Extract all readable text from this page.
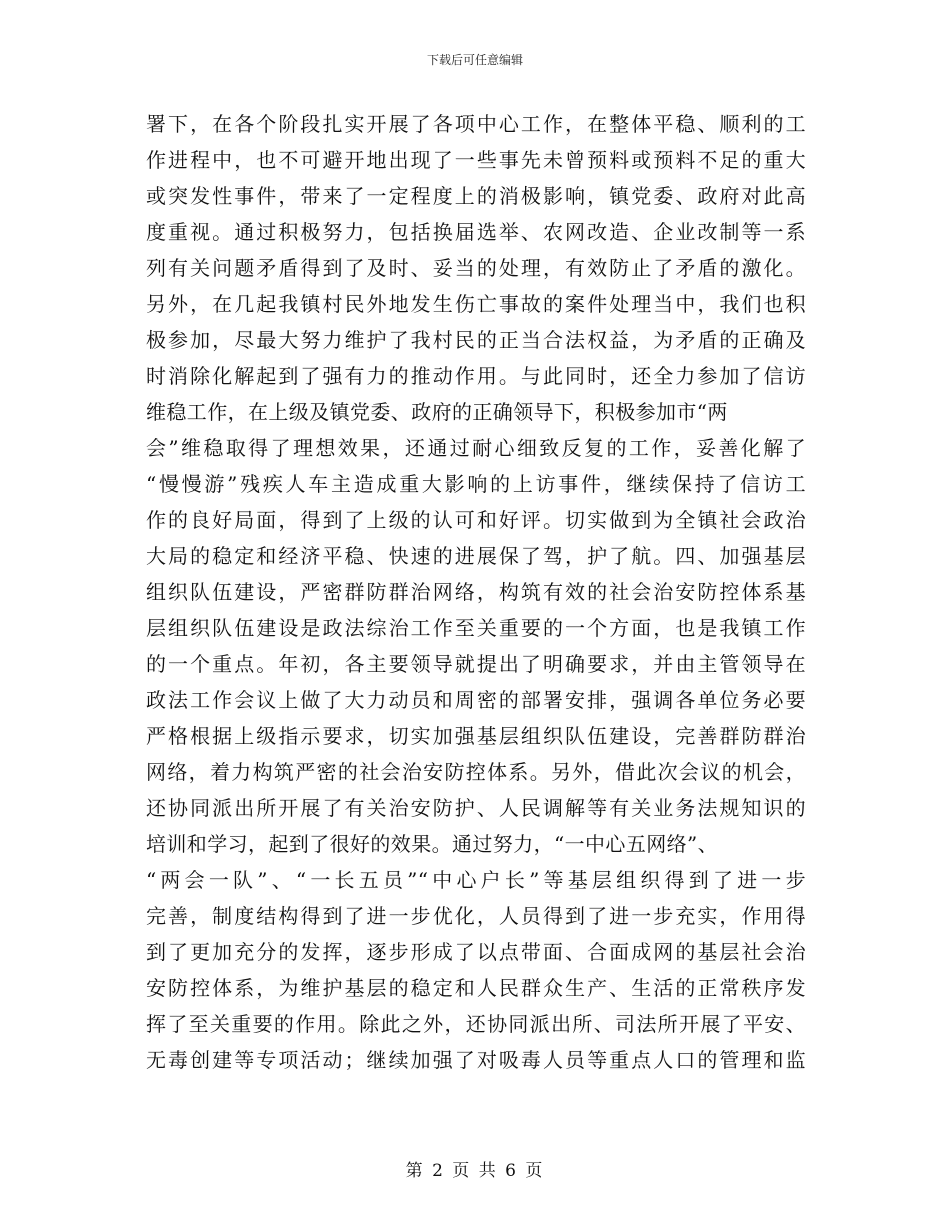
下载后可任意编辑
署下，在各个阶段扎实开展了各项中心工作，在整体平稳、顺利的工
作进程中，也不可避开地出现了一些事先未曾预料或预料不足的重大
或突发性事件，带来了一定程度上的消极影响，镇党委、政府对此高
度重视。通过积极努力，包括换届选举、农网改造、企业改制等一系
列有关问题矛盾得到了及时、妥当的处理，有效防止了矛盾的激化。
另外，在几起我镇村民外地发生伤亡事故的案件处理当中，我们也积
极参加，尽最大努力维护了我村民的正当合法权益，为矛盾的正确及
时消除化解起到了强有力的推动作用。与此同时，还全力参加了信访
维稳工作，在上级及镇党委、政府的正确领导下，积极参加市“两
会”维稳取得了理想效果，还通过耐心细致反复的工作，妥善化解了
“慢慢游”残疾人车主造成重大影响的上访事件，继续保持了信访工
作的良好局面，得到了上级的认可和好评。切实做到为全镇社会政治
大局的稳定和经济平稳、快速的进展保了驾，护了航。四、加强基层
组织队伍建设，严密群防群治网络，构筑有效的社会治安防控体系基
层组织队伍建设是政法综治工作至关重要的一个方面，也是我镇工作
的一个重点。年初，各主要领导就提出了明确要求，并由主管领导在
政法工作会议上做了大力动员和周密的部署安排，强调各单位务必要
严格根据上级指示要求，切实加强基层组织队伍建设，完善群防群治
网络，着力构筑严密的社会治安防控体系。另外，借此次会议的机会，
还协同派出所开展了有关治安防护、人民调解等有关业务法规知识的
培训和学习，起到了很好的效果。通过努力，“一中心五网络”、
“两会一队”、“一长五员”“中心户长”等基层组织得到了进一步
完善，制度结构得到了进一步优化，人员得到了进一步充实，作用得
到了更加充分的发挥，逐步形成了以点带面、合面成网的基层社会治
安防控体系，为维护基层的稳定和人民群众生产、生活的正常秩序发
挥了至关重要的作用。除此之外，还协同派出所、司法所开展了平安、
无毒创建等专项活动；继续加强了对吸毒人员等重点人口的管理和监
第 2 页 共 6 页
